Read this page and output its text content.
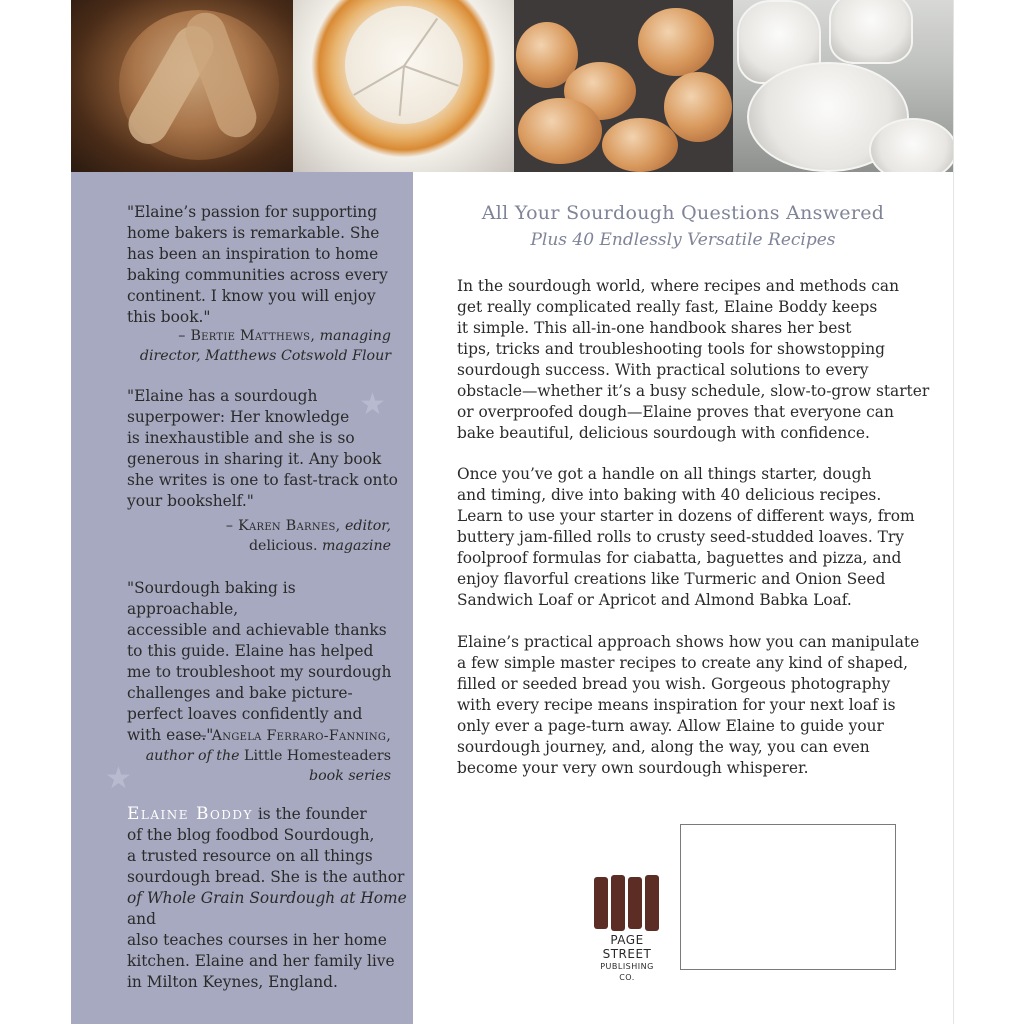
"Elaine’s passion for supporting
home bakers is remarkable. She
has been an inspiration to home
baking communities across every
continent. I know you will enjoy
this book."
– Bertie Matthews, managing
director, Matthews Cotswold Flour
"Elaine has a sourdough
superpower: Her knowledge
is inexhaustible and she is so
generous in sharing it. Any book
she writes is one to fast-track onto
your bookshelf."
– Karen Barnes, editor,
delicious. magazine
★
"Sourdough baking is approachable,
accessible and achievable thanks
to this guide. Elaine has helped
me to troubleshoot my sourdough
challenges and bake picture-
perfect loaves confidently and
with ease."
– Angela Ferraro-Fanning,
author of the Little Homesteaders
book series
★
Elaine Boddy is the founder
of the blog foodbod Sourdough,
a trusted resource on all things
sourdough bread. She is the author
of Whole Grain Sourdough at Home and
also teaches courses in her home
kitchen. Elaine and her family live
in Milton Keynes, England.
All Your Sourdough Questions Answered
Plus 40 Endlessly Versatile Recipes
In the sourdough world, where recipes and methods can
get really complicated really fast, Elaine Boddy keeps
it simple. This all-in-one handbook shares her best
tips, tricks and troubleshooting tools for showstopping
sourdough success. With practical solutions to every
obstacle—whether it’s a busy schedule, slow-to-grow starter
or overproofed dough—Elaine proves that everyone can
bake beautiful, delicious sourdough with confidence.
Once you’ve got a handle on all things starter, dough
and timing, dive into baking with 40 delicious recipes.
Learn to use your starter in dozens of different ways, from
buttery jam-filled rolls to crusty seed-studded loaves. Try
foolproof formulas for ciabatta, baguettes and pizza, and
enjoy flavorful creations like Turmeric and Onion Seed
Sandwich Loaf or Apricot and Almond Babka Loaf.
Elaine’s practical approach shows how you can manipulate
a few simple master recipes to create any kind of shaped,
filled or seeded bread you wish. Gorgeous photography
with every recipe means inspiration for your next loaf is
only ever a page-turn away. Allow Elaine to guide your
sourdough journey, and, along the way, you can even
become your very own sourdough whisperer.
PAGE STREET
PUBLISHING CO.
